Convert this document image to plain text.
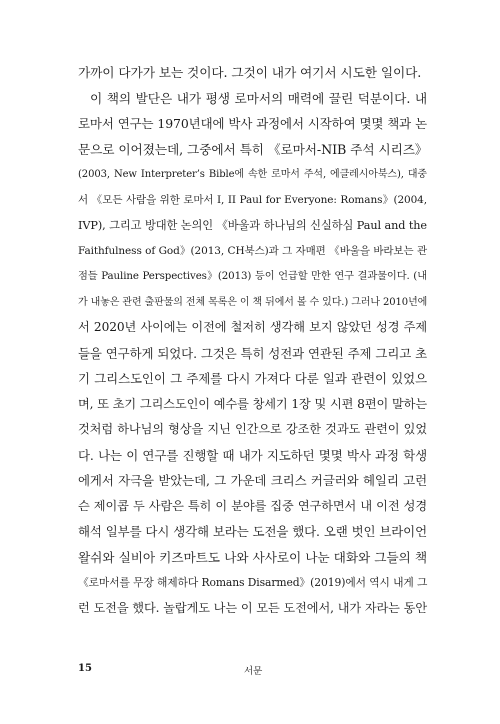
가까이 다가가 보는 것이다. 그것이 내가 여기서 시도한 일이다.
이 책의 발단은 내가 평생 로마서의 매력에 끌린 덕분이다. 내
로마서 연구는 1970년대에 박사 과정에서 시작하여 몇몇 책과 논
문으로 이어졌는데, 그중에서 특히 《로마서-NIB 주석 시리즈》
(2003, New Interpreter’s Bible에 속한 로마서 주석, 에클레시아북스), 대중
서 《모든 사람을 위한 로마서 I, II Paul for Everyone: Romans》(2004,
IVP), 그리고 방대한 논의인 《바울과 하나님의 신실하심 Paul and the
Faithfulness of God》(2013, CH북스)과 그 자매편 《바울을 바라보는 관
점들 Pauline Perspectives》(2013) 등이 언급할 만한 연구 결과물이다. (내
가 내놓은 관련 출판물의 전체 목록은 이 책 뒤에서 볼 수 있다.) 그러나 2010년에
서 2020년 사이에는 이전에 철저히 생각해 보지 않았던 성경 주제
들을 연구하게 되었다. 그것은 특히 성전과 연관된 주제 그리고 초
기 그리스도인이 그 주제를 다시 가져다 다룬 일과 관련이 있었으
며, 또 초기 그리스도인이 예수를 창세기 1장 및 시편 8편이 말하는
것처럼 하나님의 형상을 지닌 인간으로 강조한 것과도 관련이 있었
다. 나는 이 연구를 진행할 때 내가 지도하던 몇몇 박사 과정 학생
에게서 자극을 받았는데, 그 가운데 크리스 커글러와 헤일리 고런
슨 제이콥 두 사람은 특히 이 분야를 집중 연구하면서 내 이전 성경
해석 일부를 다시 생각해 보라는 도전을 했다. 오랜 벗인 브라이언
왈쉬와 실비아 키즈마트도 나와 사사로이 나눈 대화와 그들의 책
《로마서를 무장 해제하다 Romans Disarmed》(2019)에서 역시 내게 그
런 도전을 했다. 놀랍게도 나는 이 모든 도전에서, 내가 자라는 동안
15	서문
